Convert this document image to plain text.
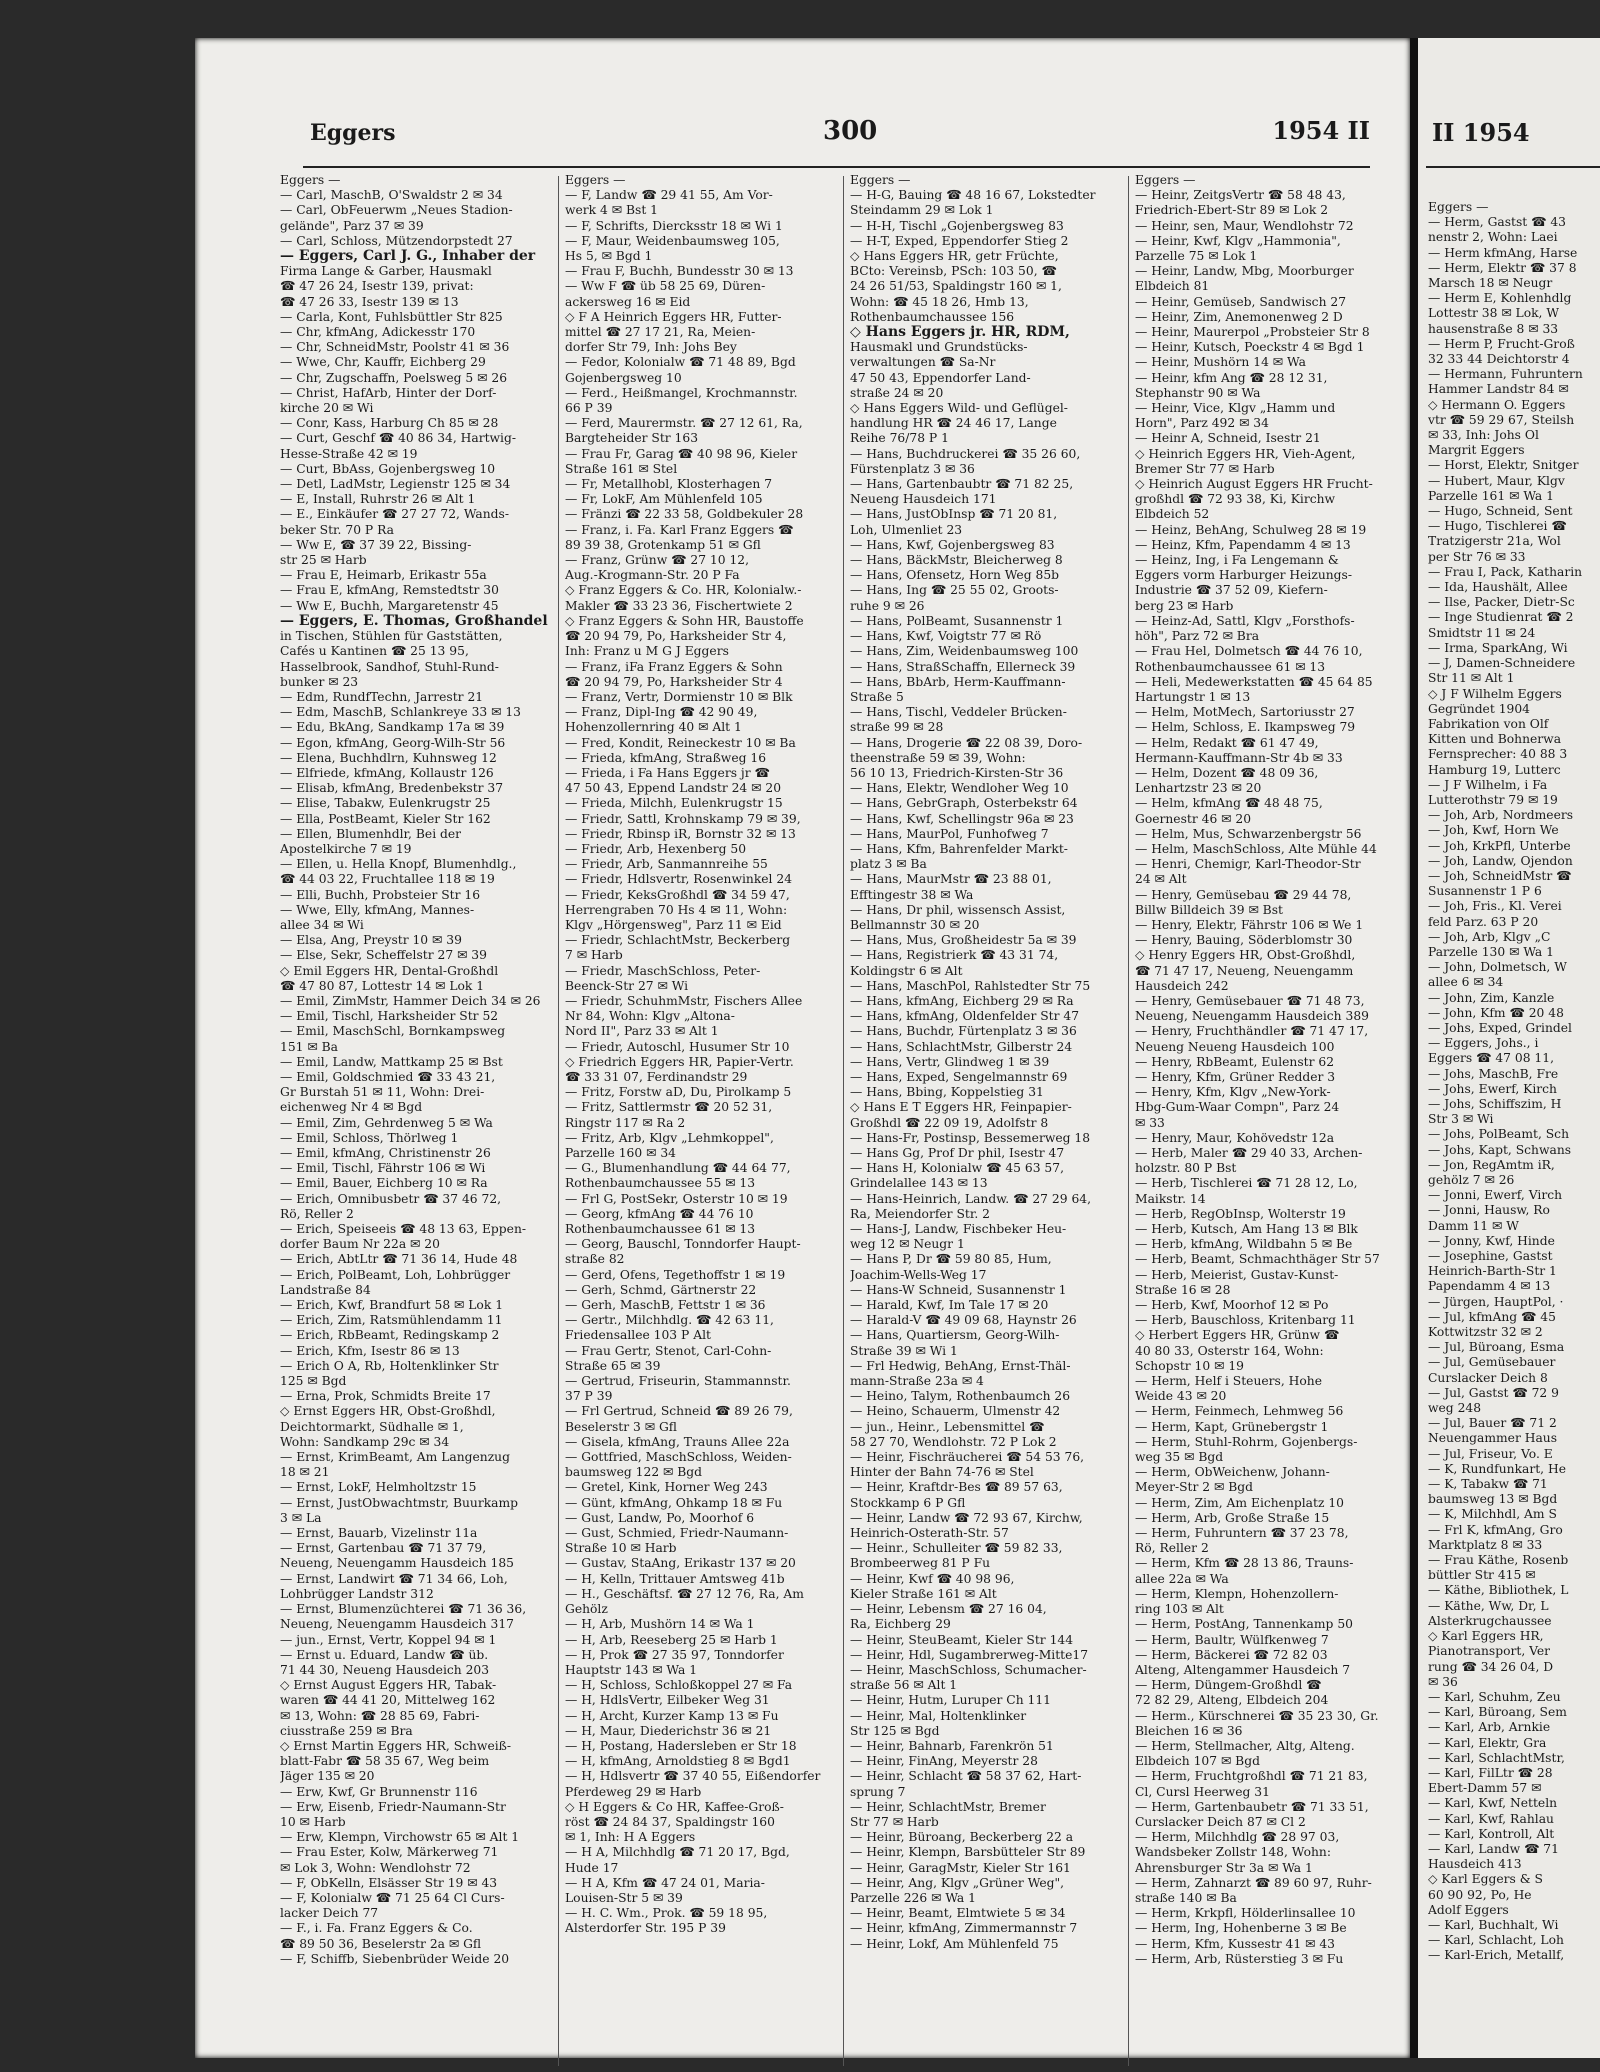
Eggers	300	1954 II
Eggers —
— Carl, MaschB, O'Swaldstr 2 ✉ 34
— Carl, ObFeuerwm „Neues Stadion-
gelände", Parz 37 ✉ 39
— Carl, Schloss, Mützendorpstedt 27
— Eggers, Carl J. G., Inhaber der
Firma Lange & Garber, Hausmakl
☎ 47 26 24, Isestr 139, privat:
☎ 47 26 33, Isestr 139 ✉ 13
— Carla, Kont, Fuhlsbüttler Str 825
— Chr, kfmAng, Adickesstr 170
— Chr, SchneidMstr, Poolstr 41 ✉ 36
— Wwe, Chr, Kauffr, Eichberg 29
— Chr, Zugschaffn, Poelsweg 5 ✉ 26
— Christ, HafArb, Hinter der Dorf-
kirche 20 ✉ Wi
— Conr, Kass, Harburg Ch 85 ✉ 28
— Curt, Geschf ☎ 40 86 34, Hartwig-
Hesse-Straße 42 ✉ 19
— Curt, BbAss, Gojenbergsweg 10
— Detl, LadMstr, Legienstr 125 ✉ 34
— E, Install, Ruhrstr 26 ✉ Alt 1
— E., Einkäufer ☎ 27 27 72, Wands-
beker Str. 70 P Ra
— Ww E, ☎ 37 39 22, Bissing-
str 25 ✉ Harb
— Frau E, Heimarb, Erikastr 55a
— Frau E, kfmAng, Remstedtstr 30
— Ww E, Buchh, Margaretenstr 45
— Eggers, E. Thomas, Großhandel
in Tischen, Stühlen für Gaststätten,
Cafés u Kantinen ☎ 25 13 95,
Hasselbrook, Sandhof, Stuhl-Rund-
bunker ✉ 23
— Edm, RundfTechn, Jarrestr 21
— Edm, MaschB, Schlankreye 33 ✉ 13
— Edu, BkAng, Sandkamp 17a ✉ 39
— Egon, kfmAng, Georg-Wilh-Str 56
— Elena, Buchhdlrn, Kuhnsweg 12
— Elfriede, kfmAng, Kollaustr 126
— Elisab, kfmAng, Bredenbekstr 37
— Elise, Tabakw, Eulenkrugstr 25
— Ella, PostBeamt, Kieler Str 162
— Ellen, Blumenhdlr, Bei der
Apostelkirche 7 ✉ 19
— Ellen, u. Hella Knopf, Blumenhdlg.,
☎ 44 03 22, Fruchtallee 118 ✉ 19
— Elli, Buchh, Probsteier Str 16
— Wwe, Elly, kfmAng, Mannes-
allee 34 ✉ Wi
— Elsa, Ang, Preystr 10 ✉ 39
— Else, Sekr, Scheffelstr 27 ✉ 39
◇ Emil Eggers HR, Dental-Großhdl
☎ 47 80 87, Lottestr 14 ✉ Lok 1
— Emil, ZimMstr, Hammer Deich 34 ✉ 26
— Emil, Tischl, Harksheider Str 52
— Emil, MaschSchl, Bornkampsweg
151 ✉ Ba
— Emil, Landw, Mattkamp 25 ✉ Bst
— Emil, Goldschmied ☎ 33 43 21,
Gr Burstah 51 ✉ 11, Wohn: Drei-
eichenweg Nr 4 ✉ Bgd
— Emil, Zim, Gehrdenweg 5 ✉ Wa
— Emil, Schloss, Thörlweg 1
— Emil, kfmAng, Christinenstr 26
— Emil, Tischl, Fährstr 106 ✉ Wi
— Emil, Bauer, Eichberg 10 ✉ Ra
— Erich, Omnibusbetr ☎ 37 46 72,
Rö, Reller 2
— Erich, Speiseeis ☎ 48 13 63, Eppen-
dorfer Baum Nr 22a ✉ 20
— Erich, AbtLtr ☎ 71 36 14, Hude 48
— Erich, PolBeamt, Loh, Lohbrügger
Landstraße 84
— Erich, Kwf, Brandfurt 58 ✉ Lok 1
— Erich, Zim, Ratsmühlendamm 11
— Erich, RbBeamt, Redingskamp 2
— Erich, Kfm, Isestr 86 ✉ 13
— Erich O A, Rb, Holtenklinker Str
125 ✉ Bgd
— Erna, Prok, Schmidts Breite 17
◇ Ernst Eggers HR, Obst-Großhdl,
Deichtormarkt, Südhalle ✉ 1,
Wohn: Sandkamp 29c ✉ 34
— Ernst, KrimBeamt, Am Langenzug
18 ✉ 21
— Ernst, LokF, Helmholtzstr 15
— Ernst, JustObwachtmstr, Buurkamp
3 ✉ La
— Ernst, Bauarb, Vizelinstr 11a
— Ernst, Gartenbau ☎ 71 37 79,
Neueng, Neuengamm Hausdeich 185
— Ernst, Landwirt ☎ 71 34 66, Loh,
Lohbrügger Landstr 312
— Ernst, Blumenzüchterei ☎ 71 36 36,
Neueng, Neuengamm Hausdeich 317
— jun., Ernst, Vertr, Koppel 94 ✉ 1
— Ernst u. Eduard, Landw ☎ üb.
71 44 30, Neueng Hausdeich 203
◇ Ernst August Eggers HR, Tabak-
waren ☎ 44 41 20, Mittelweg 162
✉ 13, Wohn: ☎ 28 85 69, Fabri-
ciusstraße 259 ✉ Bra
◇ Ernst Martin Eggers HR, Schweiß-
blatt-Fabr ☎ 58 35 67, Weg beim
Jäger 135 ✉ 20
— Erw, Kwf, Gr Brunnenstr 116
— Erw, Eisenb, Friedr-Naumann-Str
10 ✉ Harb
— Erw, Klempn, Virchowstr 65 ✉ Alt 1
— Frau Ester, Kolw, Märkerweg 71
✉ Lok 3, Wohn: Wendlohstr 72
— F, ObKelln, Elsässer Str 19 ✉ 43
— F, Kolonialw ☎ 71 25 64 Cl Curs-
lacker Deich 77
— F., i. Fa. Franz Eggers & Co.
☎ 89 50 36, Beselerstr 2a ✉ Gfl
— F, Schiffb, Siebenbrüder Weide 20
Eggers —
— F, Landw ☎ 29 41 55, Am Vor-
werk 4 ✉ Bst 1
— F, Schrifts, Diercksstr 18 ✉ Wi 1
— F, Maur, Weidenbaumsweg 105,
Hs 5, ✉ Bgd 1
— Frau F, Buchh, Bundesstr 30 ✉ 13
— Ww F ☎ üb 58 25 69, Düren-
ackersweg 16 ✉ Eid
◇ F A Heinrich Eggers HR, Futter-
mittel ☎ 27 17 21, Ra, Meien-
dorfer Str 79, Inh: Johs Bey
— Fedor, Kolonialw ☎ 71 48 89, Bgd
Gojenbergsweg 10
— Ferd., Heißmangel, Krochmannstr.
66 P 39
— Ferd, Maurermstr. ☎ 27 12 61, Ra,
Bargteheider Str 163
— Frau Fr, Garag ☎ 40 98 96, Kieler
Straße 161 ✉ Stel
— Fr, Metallhobl, Klosterhagen 7
— Fr, LokF, Am Mühlenfeld 105
— Fränzi ☎ 22 33 58, Goldbekuler 28
— Franz, i. Fa. Karl Franz Eggers ☎
89 39 38, Grotenkamp 51 ✉ Gfl
— Franz, Grünw ☎ 27 10 12,
Aug.-Krogmann-Str. 20 P Fa
◇ Franz Eggers & Co. HR, Kolonialw.-
Makler ☎ 33 23 36, Fischertwiete 2
◇ Franz Eggers & Sohn HR, Baustoffe
☎ 20 94 79, Po, Harksheider Str 4,
Inh: Franz u M G J Eggers
— Franz, iFa Franz Eggers & Sohn
☎ 20 94 79, Po, Harksheider Str 4
— Franz, Vertr, Dormienstr 10 ✉ Blk
— Franz, Dipl-Ing ☎ 42 90 49,
Hohenzollernring 40 ✉ Alt 1
— Fred, Kondit, Reineckestr 10 ✉ Ba
— Frieda, kfmAng, Straßweg 16
— Frieda, i Fa Hans Eggers jr ☎
47 50 43, Eppend Landstr 24 ✉ 20
— Frieda, Milchh, Eulenkrugstr 15
— Friedr, Sattl, Krohnskamp 79 ✉ 39,
— Friedr, Rbinsp iR, Bornstr 32 ✉ 13
— Friedr, Arb, Hexenberg 50
— Friedr, Arb, Sanmannreihe 55
— Friedr, Hdlsvertr, Rosenwinkel 24
— Friedr, KeksGroßhdl ☎ 34 59 47,
Herrengraben 70 Hs 4 ✉ 11, Wohn:
Klgv „Hörgensweg", Parz 11 ✉ Eid
— Friedr, SchlachtMstr, Beckerberg
7 ✉ Harb
— Friedr, MaschSchloss, Peter-
Beenck-Str 27 ✉ Wi
— Friedr, SchuhmMstr, Fischers Allee
Nr 84, Wohn: Klgv „Altona-
Nord II", Parz 33 ✉ Alt 1
— Friedr, Autoschl, Husumer Str 10
◇ Friedrich Eggers HR, Papier-Vertr.
☎ 33 31 07, Ferdinandstr 29
— Fritz, Forstw aD, Du, Pirolkamp 5
— Fritz, Sattlermstr ☎ 20 52 31,
Ringstr 117 ✉ Ra 2
— Fritz, Arb, Klgv „Lehmkoppel",
Parzelle 160 ✉ 34
— G., Blumenhandlung ☎ 44 64 77,
Rothenbaumchaussee 55 ✉ 13
— Frl G, PostSekr, Osterstr 10 ✉ 19
— Georg, kfmAng ☎ 44 76 10
Rothenbaumchaussee 61 ✉ 13
— Georg, Bauschl, Tonndorfer Haupt-
straße 82
— Gerd, Ofens, Tegethoffstr 1 ✉ 19
— Gerh, Schmd, Gärtnerstr 22
— Gerh, MaschB, Fettstr 1 ✉ 36
— Gertr., Milchhdlg. ☎ 42 63 11,
Friedensallee 103 P Alt
— Frau Gertr, Stenot, Carl-Cohn-
Straße 65 ✉ 39
— Gertrud, Friseurin, Stammannstr.
37 P 39
— Frl Gertrud, Schneid ☎ 89 26 79,
Beselerstr 3 ✉ Gfl
— Gisela, kfmAng, Trauns Allee 22a
— Gottfried, MaschSchloss, Weiden-
baumsweg 122 ✉ Bgd
— Gretel, Kink, Horner Weg 243
— Günt, kfmAng, Ohkamp 18 ✉ Fu
— Gust, Landw, Po, Moorhof 6
— Gust, Schmied, Friedr-Naumann-
Straße 10 ✉ Harb
— Gustav, StaAng, Erikastr 137 ✉ 20
— H, Kelln, Trittauer Amtsweg 41b
— H., Geschäftsf. ☎ 27 12 76, Ra, Am
Gehölz
— H, Arb, Mushörn 14 ✉ Wa 1
— H, Arb, Reeseberg 25 ✉ Harb 1
— H, Prok ☎ 27 35 97, Tonndorfer
Hauptstr 143 ✉ Wa 1
— H, Schloss, Schloßkoppel 27 ✉ Fa
— H, HdlsVertr, Eilbeker Weg 31
— H, Archt, Kurzer Kamp 13 ✉ Fu
— H, Maur, Diederichstr 36 ✉ 21
— H, Postang, Hadersleben er Str 18
— H, kfmAng, Arnoldstieg 8 ✉ Bgd1
— H, Hdlsvertr ☎ 37 40 55, Eißendorfer
Pferdeweg 29 ✉ Harb
◇ H Eggers & Co HR, Kaffee-Groß-
röst ☎ 24 84 37, Spaldingstr 160
✉ 1, Inh: H A Eggers
— H A, Milchhdlg ☎ 71 20 17, Bgd,
Hude 17
— H A, Kfm ☎ 47 24 01, Maria-
Louisen-Str 5 ✉ 39
— H. C. Wm., Prok. ☎ 59 18 95,
Alsterdorfer Str. 195 P 39
Eggers —
— H-G, Bauing ☎ 48 16 67, Lokstedter
Steindamm 29 ✉ Lok 1
— H-H, Tischl „Gojenbergsweg 83
— H-T, Exped, Eppendorfer Stieg 2
◇ Hans Eggers HR, getr Früchte,
BCto: Vereinsb, PSch: 103 50, ☎
24 26 51/53, Spaldingstr 160 ✉ 1,
Wohn: ☎ 45 18 26, Hmb 13,
Rothenbaumchaussee 156
◇ Hans Eggers jr. HR, RDM,
Hausmakl und Grundstücks-
verwaltungen ☎ Sa-Nr
47 50 43, Eppendorfer Land-
straße 24 ✉ 20
◇ Hans Eggers Wild- und Geflügel-
handlung HR ☎ 24 46 17, Lange
Reihe 76/78 P 1
— Hans, Buchdruckerei ☎ 35 26 60,
Fürstenplatz 3 ✉ 36
— Hans, Gartenbaubtr ☎ 71 82 25,
Neueng Hausdeich 171
— Hans, JustObInsp ☎ 71 20 81,
Loh, Ulmenliet 23
— Hans, Kwf, Gojenbergsweg 83
— Hans, BäckMstr, Bleicherweg 8
— Hans, Ofensetz, Horn Weg 85b
— Hans, Ing ☎ 25 55 02, Groots-
ruhe 9 ✉ 26
— Hans, PolBeamt, Susannenstr 1
— Hans, Kwf, Voigtstr 77 ✉ Rö
— Hans, Zim, Weidenbaumsweg 100
— Hans, StraßSchaffn, Ellerneck 39
— Hans, BbArb, Herm-Kauffmann-
Straße 5
— Hans, Tischl, Veddeler Brücken-
straße 99 ✉ 28
— Hans, Drogerie ☎ 22 08 39, Doro-
theenstraße 59 ✉ 39, Wohn:
56 10 13, Friedrich-Kirsten-Str 36
— Hans, Elektr, Wendloher Weg 10
— Hans, GebrGraph, Osterbekstr 64
— Hans, Kwf, Schellingstr 96a ✉ 23
— Hans, MaurPol, Funhofweg 7
— Hans, Kfm, Bahrenfelder Markt-
platz 3 ✉ Ba
— Hans, MaurMstr ☎ 23 88 01,
Efftingestr 38 ✉ Wa
— Hans, Dr phil, wissensch Assist,
Bellmannstr 30 ✉ 20
— Hans, Mus, Großheidestr 5a ✉ 39
— Hans, Registrierk ☎ 43 31 74,
Koldingstr 6 ✉ Alt
— Hans, MaschPol, Rahlstedter Str 75
— Hans, kfmAng, Eichberg 29 ✉ Ra
— Hans, kfmAng, Oldenfelder Str 47
— Hans, Buchdr, Fürtenplatz 3 ✉ 36
— Hans, SchlachtMstr, Gilberstr 24
— Hans, Vertr, Glindweg 1 ✉ 39
— Hans, Exped, Sengelmannstr 69
— Hans, Bbing, Koppelstieg 31
◇ Hans E T Eggers HR, Feinpapier-
Großhdl ☎ 22 09 19, Adolfstr 8
— Hans-Fr, Postinsp, Bessemerweg 18
— Hans Gg, Prof Dr phil, Isestr 47
— Hans H, Kolonialw ☎ 45 63 57,
Grindelallee 143 ✉ 13
— Hans-Heinrich, Landw. ☎ 27 29 64,
Ra, Meiendorfer Str. 2
— Hans-J, Landw, Fischbeker Heu-
weg 12 ✉ Neugr 1
— Hans P, Dr ☎ 59 80 85, Hum,
Joachim-Wells-Weg 17
— Hans-W Schneid, Susannenstr 1
— Harald, Kwf, Im Tale 17 ✉ 20
— Harald-V ☎ 49 09 68, Haynstr 26
— Hans, Quartiersm, Georg-Wilh-
Straße 39 ✉ Wi 1
— Frl Hedwig, BehAng, Ernst-Thäl-
mann-Straße 23a ✉ 4
— Heino, Talym, Rothenbaumch 26
— Heino, Schauerm, Ulmenstr 42
— jun., Heinr., Lebensmittel ☎
58 27 70, Wendlohstr. 72 P Lok 2
— Heinr, Fischräucherei ☎ 54 53 76,
Hinter der Bahn 74-76 ✉ Stel
— Heinr, Kraftdr-Bes ☎ 89 57 63,
Stockkamp 6 P Gfl
— Heinr, Landw ☎ 72 93 67, Kirchw,
Heinrich-Osterath-Str. 57
— Heinr., Schulleiter ☎ 59 82 33,
Brombeerweg 81 P Fu
— Heinr, Kwf ☎ 40 98 96,
Kieler Straße 161 ✉ Alt
— Heinr, Lebensm ☎ 27 16 04,
Ra, Eichberg 29
— Heinr, SteuBeamt, Kieler Str 144
— Heinr, Hdl, Sugambrerweg-Mitte17
— Heinr, MaschSchloss, Schumacher-
straße 56 ✉ Alt 1
— Heinr, Hutm, Luruper Ch 111
— Heinr, Mal, Holtenklinker
Str 125 ✉ Bgd
— Heinr, Bahnarb, Farenkrön 51
— Heinr, FinAng, Meyerstr 28
— Heinr, Schlacht ☎ 58 37 62, Hart-
sprung 7
— Heinr, SchlachtMstr, Bremer
Str 77 ✉ Harb
— Heinr, Büroang, Beckerberg 22 a
— Heinr, Klempn, Barsbütteler Str 89
— Heinr, GaragMstr, Kieler Str 161
— Heinr, Ang, Klgv „Grüner Weg",
Parzelle 226 ✉ Wa 1
— Heinr, Beamt, Elmtwiete 5 ✉ 34
— Heinr, kfmAng, Zimmermannstr 7
— Heinr, Lokf, Am Mühlenfeld 75
Eggers —
— Heinr, ZeitgsVertr ☎ 58 48 43,
Friedrich-Ebert-Str 89 ✉ Lok 2
— Heinr, sen, Maur, Wendlohstr 72
— Heinr, Kwf, Klgv „Hammonia",
Parzelle 75 ✉ Lok 1
— Heinr, Landw, Mbg, Moorburger
Elbdeich 81
— Heinr, Gemüseb, Sandwisch 27
— Heinr, Zim, Anemonenweg 2 D
— Heinr, Maurerpol „Probsteier Str 8
— Heinr, Kutsch, Poeckstr 4 ✉ Bgd 1
— Heinr, Mushörn 14 ✉ Wa
— Heinr, kfm Ang ☎ 28 12 31,
Stephanstr 90 ✉ Wa
— Heinr, Vice, Klgv „Hamm und
Horn", Parz 492 ✉ 34
— Heinr A, Schneid, Isestr 21
◇ Heinrich Eggers HR, Vieh-Agent,
Bremer Str 77 ✉ Harb
◇ Heinrich August Eggers HR Frucht-
großhdl ☎ 72 93 38, Ki, Kirchw
Elbdeich 52
— Heinz, BehAng, Schulweg 28 ✉ 19
— Heinz, Kfm, Papendamm 4 ✉ 13
— Heinz, Ing, i Fa Lengemann &
Eggers vorm Harburger Heizungs-
Industrie ☎ 37 52 09, Kiefern-
berg 23 ✉ Harb
— Heinz-Ad, Sattl, Klgv „Forsthofs-
höh", Parz 72 ✉ Bra
— Frau Hel, Dolmetsch ☎ 44 76 10,
Rothenbaumchaussee 61 ✉ 13
— Heli, Medewerkstatten ☎ 45 64 85
Hartungstr 1 ✉ 13
— Helm, MotMech, Sartoriusstr 27
— Helm, Schloss, E. Ikampsweg 79
— Helm, Redakt ☎ 61 47 49,
Hermann-Kauffmann-Str 4b ✉ 33
— Helm, Dozent ☎ 48 09 36,
Lenhartzstr 23 ✉ 20
— Helm, kfmAng ☎ 48 48 75,
Goernestr 46 ✉ 20
— Helm, Mus, Schwarzenbergstr 56
— Helm, MaschSchloss, Alte Mühle 44
— Henri, Chemigr, Karl-Theodor-Str
24 ✉ Alt
— Henry, Gemüsebau ☎ 29 44 78,
Billw Billdeich 39 ✉ Bst
— Henry, Elektr, Fährstr 106 ✉ We 1
— Henry, Bauing, Söderblomstr 30
◇ Henry Eggers HR, Obst-Großhdl,
☎ 71 47 17, Neueng, Neuengamm
Hausdeich 242
— Henry, Gemüsebauer ☎ 71 48 73,
Neueng, Neuengamm Hausdeich 389
— Henry, Fruchthändler ☎ 71 47 17,
Neueng Neueng Hausdeich 100
— Henry, RbBeamt, Eulenstr 62
— Henry, Kfm, Grüner Redder 3
— Henry, Kfm, Klgv „New-York-
Hbg-Gum-Waar Compn", Parz 24
✉ 33
— Henry, Maur, Kohövedstr 12a
— Herb, Maler ☎ 29 40 33, Archen-
holzstr. 80 P Bst
— Herb, Tischlerei ☎ 71 28 12, Lo,
Maikstr. 14
— Herb, RegObInsp, Wolterstr 19
— Herb, Kutsch, Am Hang 13 ✉ Blk
— Herb, kfmAng, Wildbahn 5 ✉ Be
— Herb, Beamt, Schmachthäger Str 57
— Herb, Meierist, Gustav-Kunst-
Straße 16 ✉ 28
— Herb, Kwf, Moorhof 12 ✉ Po
— Herb, Bauschloss, Kritenbarg 11
◇ Herbert Eggers HR, Grünw ☎
40 80 33, Osterstr 164, Wohn:
Schopstr 10 ✉ 19
— Herm, Helf i Steuers, Hohe
Weide 43 ✉ 20
— Herm, Feinmech, Lehmweg 56
— Herm, Kapt, Grünebergstr 1
— Herm, Stuhl-Rohrm, Gojenbergs-
weg 35 ✉ Bgd
— Herm, ObWeichenw, Johann-
Meyer-Str 2 ✉ Bgd
— Herm, Zim, Am Eichenplatz 10
— Herm, Arb, Große Straße 15
— Herm, Fuhruntern ☎ 37 23 78,
Rö, Reller 2
— Herm, Kfm ☎ 28 13 86, Trauns-
allee 22a ✉ Wa
— Herm, Klempn, Hohenzollern-
ring 103 ✉ Alt
— Herm, PostAng, Tannenkamp 50
— Herm, Baultr, Wülfkenweg 7
— Herm, Bäckerei ☎ 72 82 03
Alteng, Altengammer Hausdeich 7
— Herm, Düngem-Großhdl ☎
72 82 29, Alteng, Elbdeich 204
— Herm., Kürschnerei ☎ 35 23 30, Gr.
Bleichen 16 ✉ 36
— Herm, Stellmacher, Altg, Alteng.
Elbdeich 107 ✉ Bgd
— Herm, Fruchtgroßhdl ☎ 71 21 83,
Cl, Cursl Heerweg 31
— Herm, Gartenbaubetr ☎ 71 33 51,
Curslacker Deich 87 ✉ Cl 2
— Herm, Milchhdlg ☎ 28 97 03,
Wandsbeker Zollstr 148, Wohn:
Ahrensburger Str 3a ✉ Wa 1
— Herm, Zahnarzt ☎ 89 60 97, Ruhr-
straße 140 ✉ Ba
— Herm, Krkpfl, Hölderlinsallee 10
— Herm, Ing, Hohenberne 3 ✉ Be
— Herm, Kfm, Kussestr 41 ✉ 43
— Herm, Arb, Rüsterstieg 3 ✉ Fu
II 1954
Eggers —
— Herm, Gastst ☎ 43
nenstr 2, Wohn: Laei
— Herm kfmAng, Harse
— Herm, Elektr ☎ 37 8
Marsch 18 ✉ Neugr
— Herm E, Kohlenhdlg
Lottestr 38 ✉ Lok, W
hausenstraße 8 ✉ 33
— Herm P, Frucht-Groß
32 33 44 Deichtorstr 4
— Hermann, Fuhruntern
Hammer Landstr 84 ✉
◇ Hermann O. Eggers
vtr ☎ 59 29 67, Steilsh
✉ 33, Inh: Johs Ol
Margrit Eggers
— Horst, Elektr, Snitger
— Hubert, Maur, Klgv
Parzelle 161 ✉ Wa 1
— Hugo, Schneid, Sent
— Hugo, Tischlerei ☎
Tratzigerstr 21a, Wol
per Str 76 ✉ 33
— Frau I, Pack, Katharin
— Ida, Haushält, Allee
— Ilse, Packer, Dietr-Sc
— Inge Studienrat ☎ 2
Smidtstr 11 ✉ 24
— Irma, SparkAng, Wi
— J, Damen-Schneidere
Str 11 ✉ Alt 1
◇ J F Wilhelm Eggers
Gegründet 1904
Fabrikation von Olf
Kitten und Bohnerwa
Fernsprecher: 40 88 3
Hamburg 19, Lutterc
— J F Wilhelm, i Fa
Lutterothstr 79 ✉ 19
— Joh, Arb, Nordmeers
— Joh, Kwf, Horn We
— Joh, KrkPfl, Unterbe
— Joh, Landw, Ojendon
— Joh, SchneidMstr ☎
Susannenstr 1 P 6
— Joh, Fris., Kl. Verei
feld Parz. 63 P 20
— Joh, Arb, Klgv „C
Parzelle 130 ✉ Wa 1
— John, Dolmetsch, W
allee 6 ✉ 34
— John, Zim, Kanzle
— John, Kfm ☎ 20 48
— Johs, Exped, Grindel
— Eggers, Johs., i
Eggers ☎ 47 08 11,
— Johs, MaschB, Fre
— Johs, Ewerf, Kirch
— Johs, Schiffszim, H
Str 3 ✉ Wi
— Johs, PolBeamt, Sch
— Johs, Kapt, Schwans
— Jon, RegAmtm iR,
gehölz 7 ✉ 26
— Jonni, Ewerf, Virch
— Jonni, Hausw, Ro
Damm 11 ✉ W
— Jonny, Kwf, Hinde
— Josephine, Gastst
Heinrich-Barth-Str 1
Papendamm 4 ✉ 13
— Jürgen, HauptPol, ·
— Jul, kfmAng ☎ 45
Kottwitzstr 32 ✉ 2
— Jul, Büroang, Esma
— Jul, Gemüsebauer
Curslacker Deich 8
— Jul, Gastst ☎ 72 9
weg 248
— Jul, Bauer ☎ 71 2
Neuengammer Haus
— Jul, Friseur, Vo. E
— K, Rundfunkart, He
— K, Tabakw ☎ 71
baumsweg 13 ✉ Bgd
— K, Milchhdl, Am S
— Frl K, kfmAng, Gro
Marktplatz 8 ✉ 33
— Frau Käthe, Rosenb
büttler Str 415 ✉
— Käthe, Bibliothek, L
— Käthe, Ww, Dr, L
Alsterkrugchaussee
◇ Karl Eggers HR,
Pianotransport, Ver
rung ☎ 34 26 04, D
✉ 36
— Karl, Schuhm, Zeu
— Karl, Büroang, Sem
— Karl, Arb, Arnkie
— Karl, Elektr, Gra
— Karl, SchlachtMstr,
— Karl, FilLtr ☎ 28
Ebert-Damm 57 ✉
— Karl, Kwf, Netteln
— Karl, Kwf, Rahlau
— Karl, Kontroll, Alt
— Karl, Landw ☎ 71
Hausdeich 413
◇ Karl Eggers & S
60 90 92, Po, He
Adolf Eggers
— Karl, Buchhalt, Wi
— Karl, Schlacht, Loh
— Karl-Erich, Metallf,
